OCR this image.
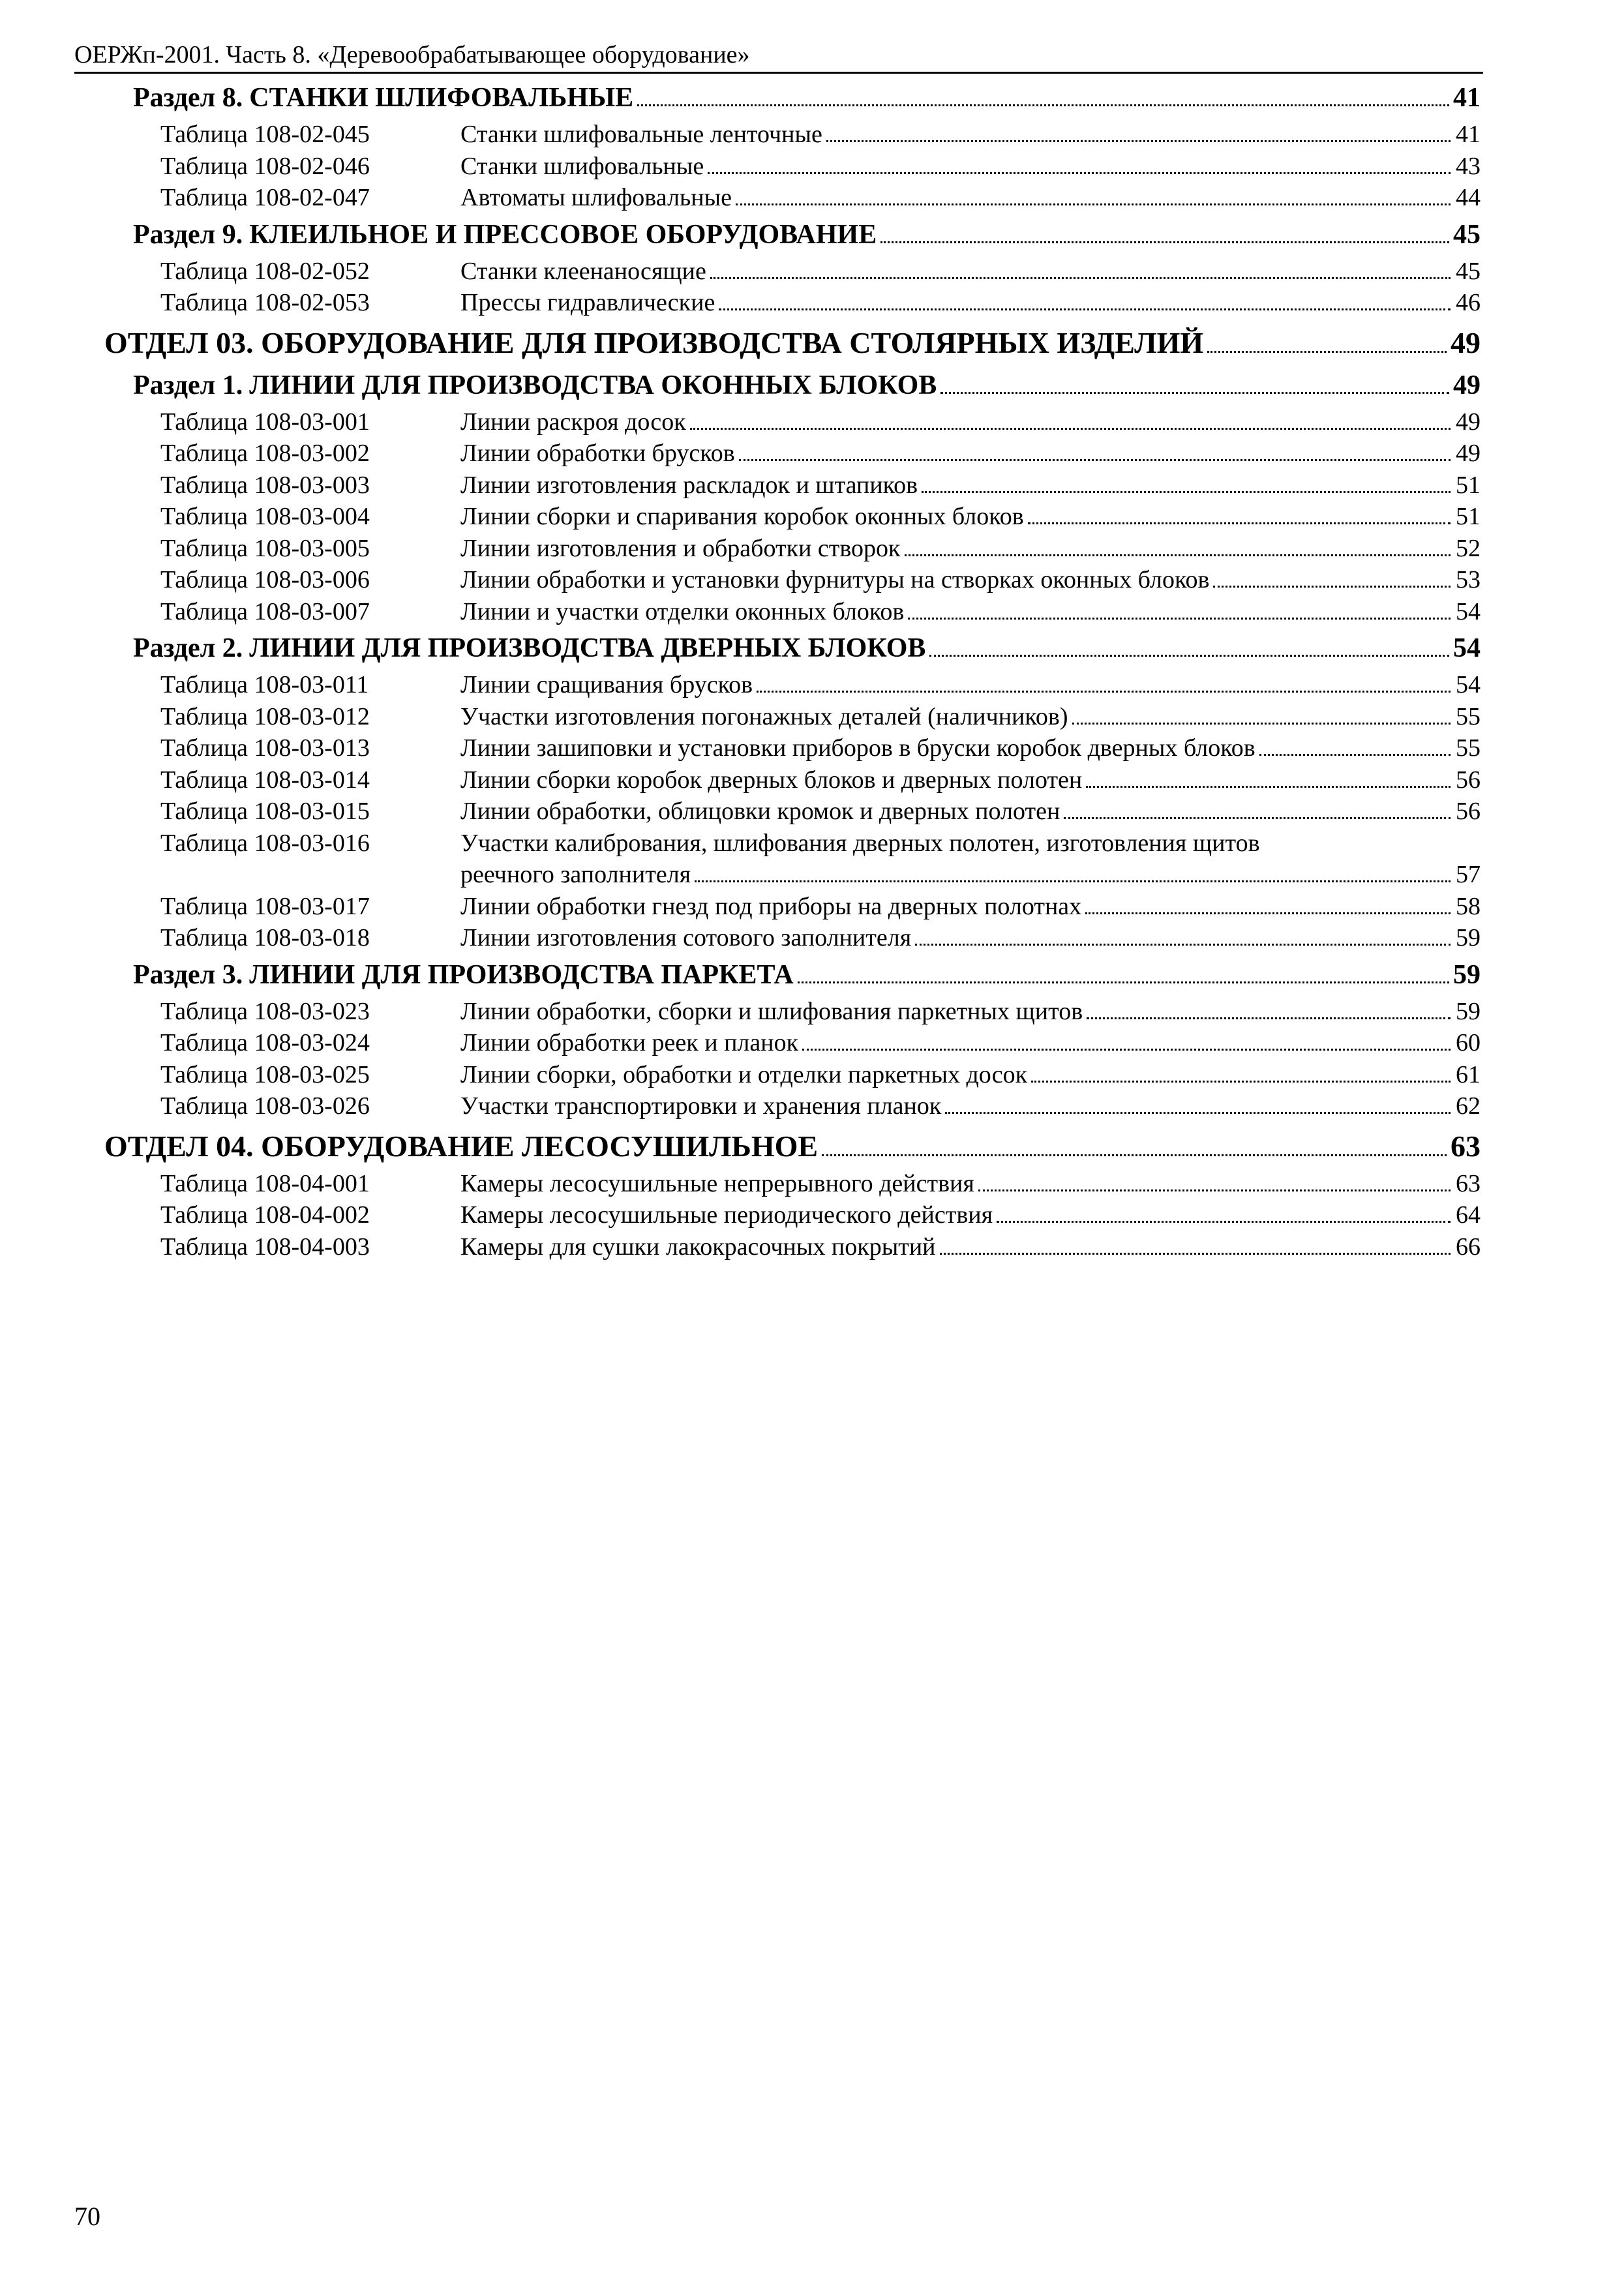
ОЕРЖп-2001. Часть 8. «Деревообрабатывающее оборудование»
Раздел 8. СТАНКИ ШЛИФОВАЛЬНЫЕ	41
Таблица 108-02-045	Станки шлифовальные ленточные	41
Таблица 108-02-046	Станки шлифовальные	43
Таблица 108-02-047	Автоматы шлифовальные	44
Раздел 9. КЛЕИЛЬНОЕ И ПРЕССОВОЕ ОБОРУДОВАНИЕ	45
Таблица 108-02-052	Станки клеенаносящие	45
Таблица 108-02-053	Прессы гидравлические	46
ОТДЕЛ 03. ОБОРУДОВАНИЕ ДЛЯ ПРОИЗВОДСТВА СТОЛЯРНЫХ ИЗДЕЛИЙ	49
Раздел 1. ЛИНИИ ДЛЯ ПРОИЗВОДСТВА ОКОННЫХ БЛОКОВ	49
Таблица 108-03-001	Линии раскроя досок	49
Таблица 108-03-002	Линии обработки брусков	49
Таблица 108-03-003	Линии изготовления раскладок и штапиков	51
Таблица 108-03-004	Линии сборки и спаривания коробок оконных блоков	51
Таблица 108-03-005	Линии изготовления и обработки створок	52
Таблица 108-03-006	Линии обработки и установки фурнитуры на створках оконных блоков	53
Таблица 108-03-007	Линии и участки отделки оконных блоков	54
Раздел 2. ЛИНИИ ДЛЯ ПРОИЗВОДСТВА ДВЕРНЫХ БЛОКОВ	54
Таблица 108-03-011	Линии сращивания брусков	54
Таблица 108-03-012	Участки изготовления погонажных деталей (наличников)	55
Таблица 108-03-013	Линии зашиповки и установки приборов в бруски коробок дверных блоков	55
Таблица 108-03-014	Линии сборки коробок дверных блоков и дверных полотен	56
Таблица 108-03-015	Линии обработки, облицовки кромок и дверных полотен	56
Таблица 108-03-016	Участки калибрования, шлифования дверных полотен, изготовления щитов
реечного заполнителя	57
Таблица 108-03-017	Линии обработки гнезд под приборы на дверных полотнах	58
Таблица 108-03-018	Линии изготовления сотового заполнителя	59
Раздел 3. ЛИНИИ ДЛЯ ПРОИЗВОДСТВА ПАРКЕТА	59
Таблица 108-03-023	Линии обработки, сборки и шлифования паркетных щитов	59
Таблица 108-03-024	Линии обработки реек и планок	60
Таблица 108-03-025	Линии сборки, обработки и отделки паркетных досок	61
Таблица 108-03-026	Участки транспортировки и хранения планок	62
ОТДЕЛ 04. ОБОРУДОВАНИЕ ЛЕСОСУШИЛЬНОЕ	63
Таблица 108-04-001	Камеры лесосушильные непрерывного действия	63
Таблица 108-04-002	Камеры лесосушильные периодического действия	64
Таблица 108-04-003	Камеры для сушки лакокрасочных покрытий	66
70
